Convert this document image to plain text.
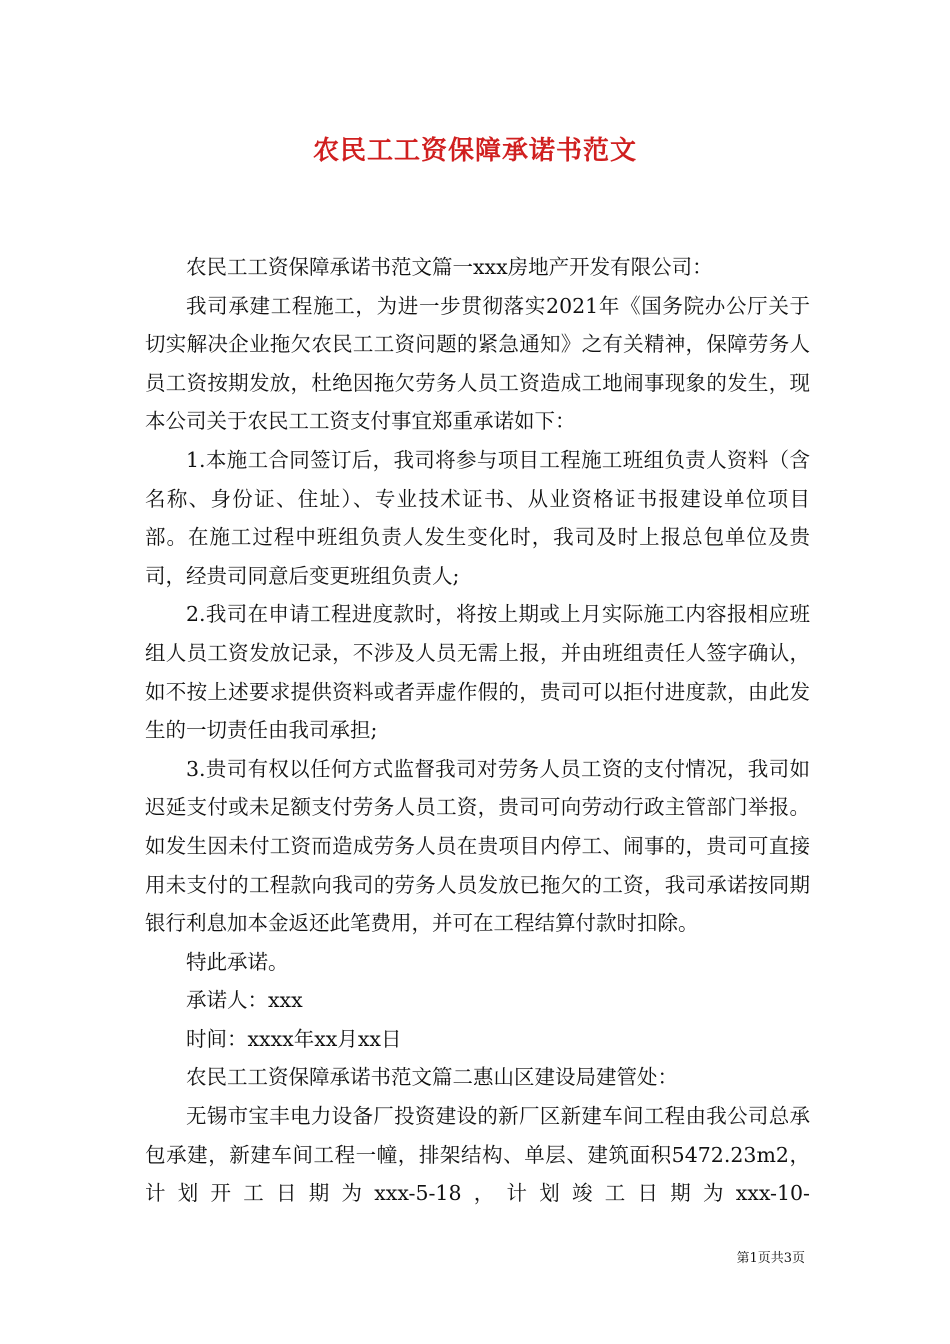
农民工工资保障承诺书范文

农民工工资保障承诺书范文篇一xxx房地产开发有限公司：

我司承建工程施工，为进一步贯彻落实2021年《国务院办公厅关于切实解决企业拖欠农民工工资问题的紧急通知》之有关精神，保障劳务人员工资按期发放，杜绝因拖欠劳务人员工资造成工地闹事现象的发生，现本公司关于农民工工资支付事宜郑重承诺如下：

1.本施工合同签订后，我司将参与项目工程施工班组负责人资料（含名称、身份证、住址）、专业技术证书、从业资格证书报建设单位项目部。在施工过程中班组负责人发生变化时，我司及时上报总包单位及贵司，经贵司同意后变更班组负责人;

2.我司在申请工程进度款时，将按上期或上月实际施工内容报相应班组人员工资发放记录，不涉及人员无需上报，并由班组责任人签字确认，如不按上述要求提供资料或者弄虚作假的，贵司可以拒付进度款，由此发生的一切责任由我司承担;

3.贵司有权以任何方式监督我司对劳务人员工资的支付情况，我司如迟延支付或未足额支付劳务人员工资，贵司可向劳动行政主管部门举报。如发生因未付工资而造成劳务人员在贵项目内停工、闹事的，贵司可直接用未支付的工程款向我司的劳务人员发放已拖欠的工资，我司承诺按同期银行利息加本金返还此笔费用，并可在工程结算付款时扣除。

特此承诺。

承诺人：xxx

时间：xxxx年xx月xx日

农民工工资保障承诺书范文篇二惠山区建设局建管处：

无锡市宝丰电力设备厂投资建设的新厂区新建车间工程由我公司总承包承建，新建车间工程一幢，排架结构、单层、建筑面积5472.23m2，计划开工日期为xxx-5-18，计划竣工日期为xxx-10-

第1页共3页
